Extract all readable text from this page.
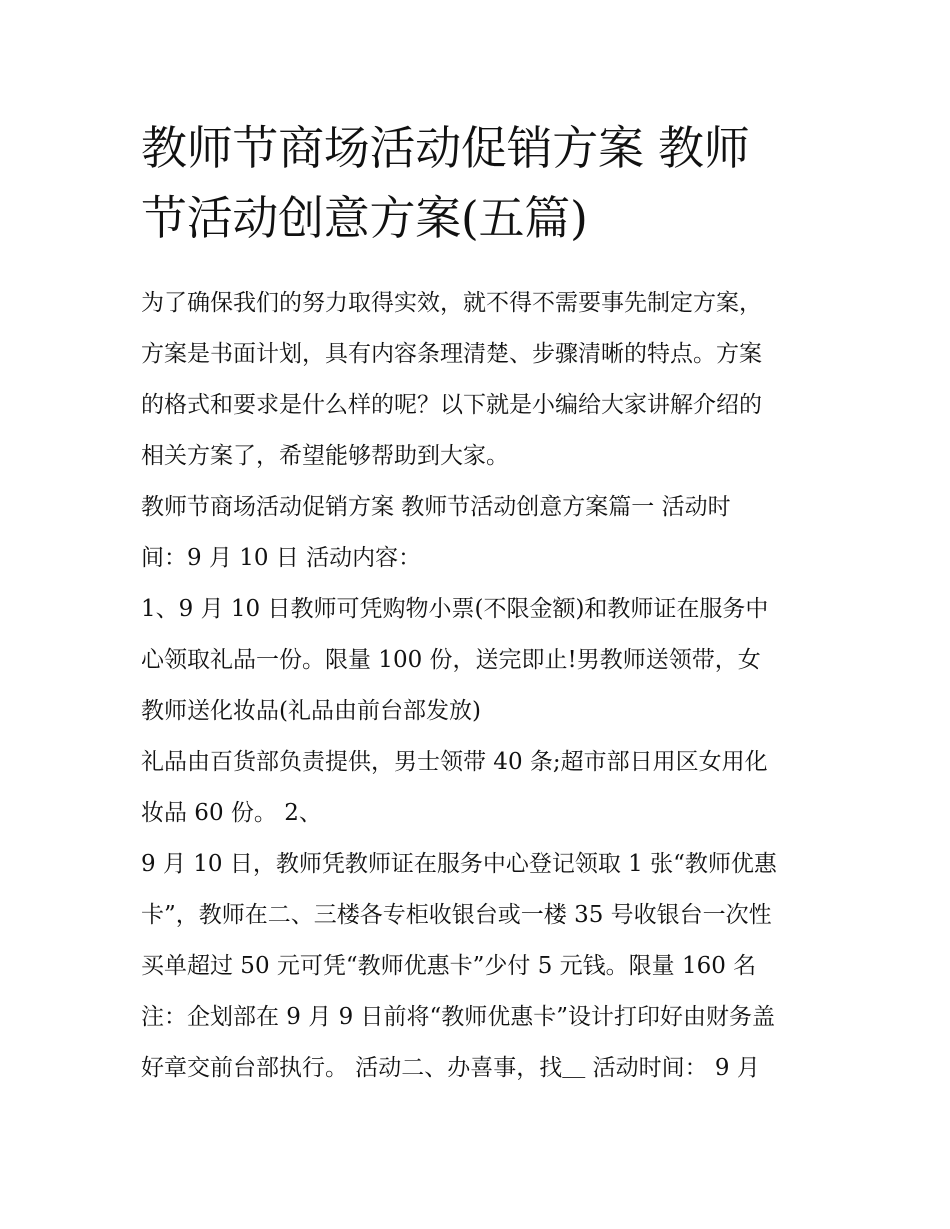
教师节商场活动促销方案 教师
节活动创意方案(五篇)
为了确保我们的努力取得实效，就不得不需要事先制定方案，
方案是书面计划，具有内容条理清楚、步骤清晰的特点。方案
的格式和要求是什么样的呢？以下就是小编给大家讲解介绍的
相关方案了，希望能够帮助到大家。
教师节商场活动促销方案 教师节活动创意方案篇一 活动时
间：9 月 10 日 活动内容：
1、9 月 10 日教师可凭购物小票(不限金额)和教师证在服务中
心领取礼品一份。限量 100 份，送完即止!男教师送领带，女
教师送化妆品(礼品由前台部发放)
礼品由百货部负责提供，男士领带 40 条;超市部日用区女用化
妆品 60 份。 2、
9 月 10 日，教师凭教师证在服务中心登记领取 1 张“教师优惠
卡”，教师在二、三楼各专柜收银台或一楼 35 号收银台一次性
买单超过 50 元可凭“教师优惠卡”少付 5 元钱。限量 160 名
注：企划部在 9 月 9 日前将“教师优惠卡”设计打印好由财务盖
好章交前台部执行。 活动二、办喜事，找＿ 活动时间： 9 月
